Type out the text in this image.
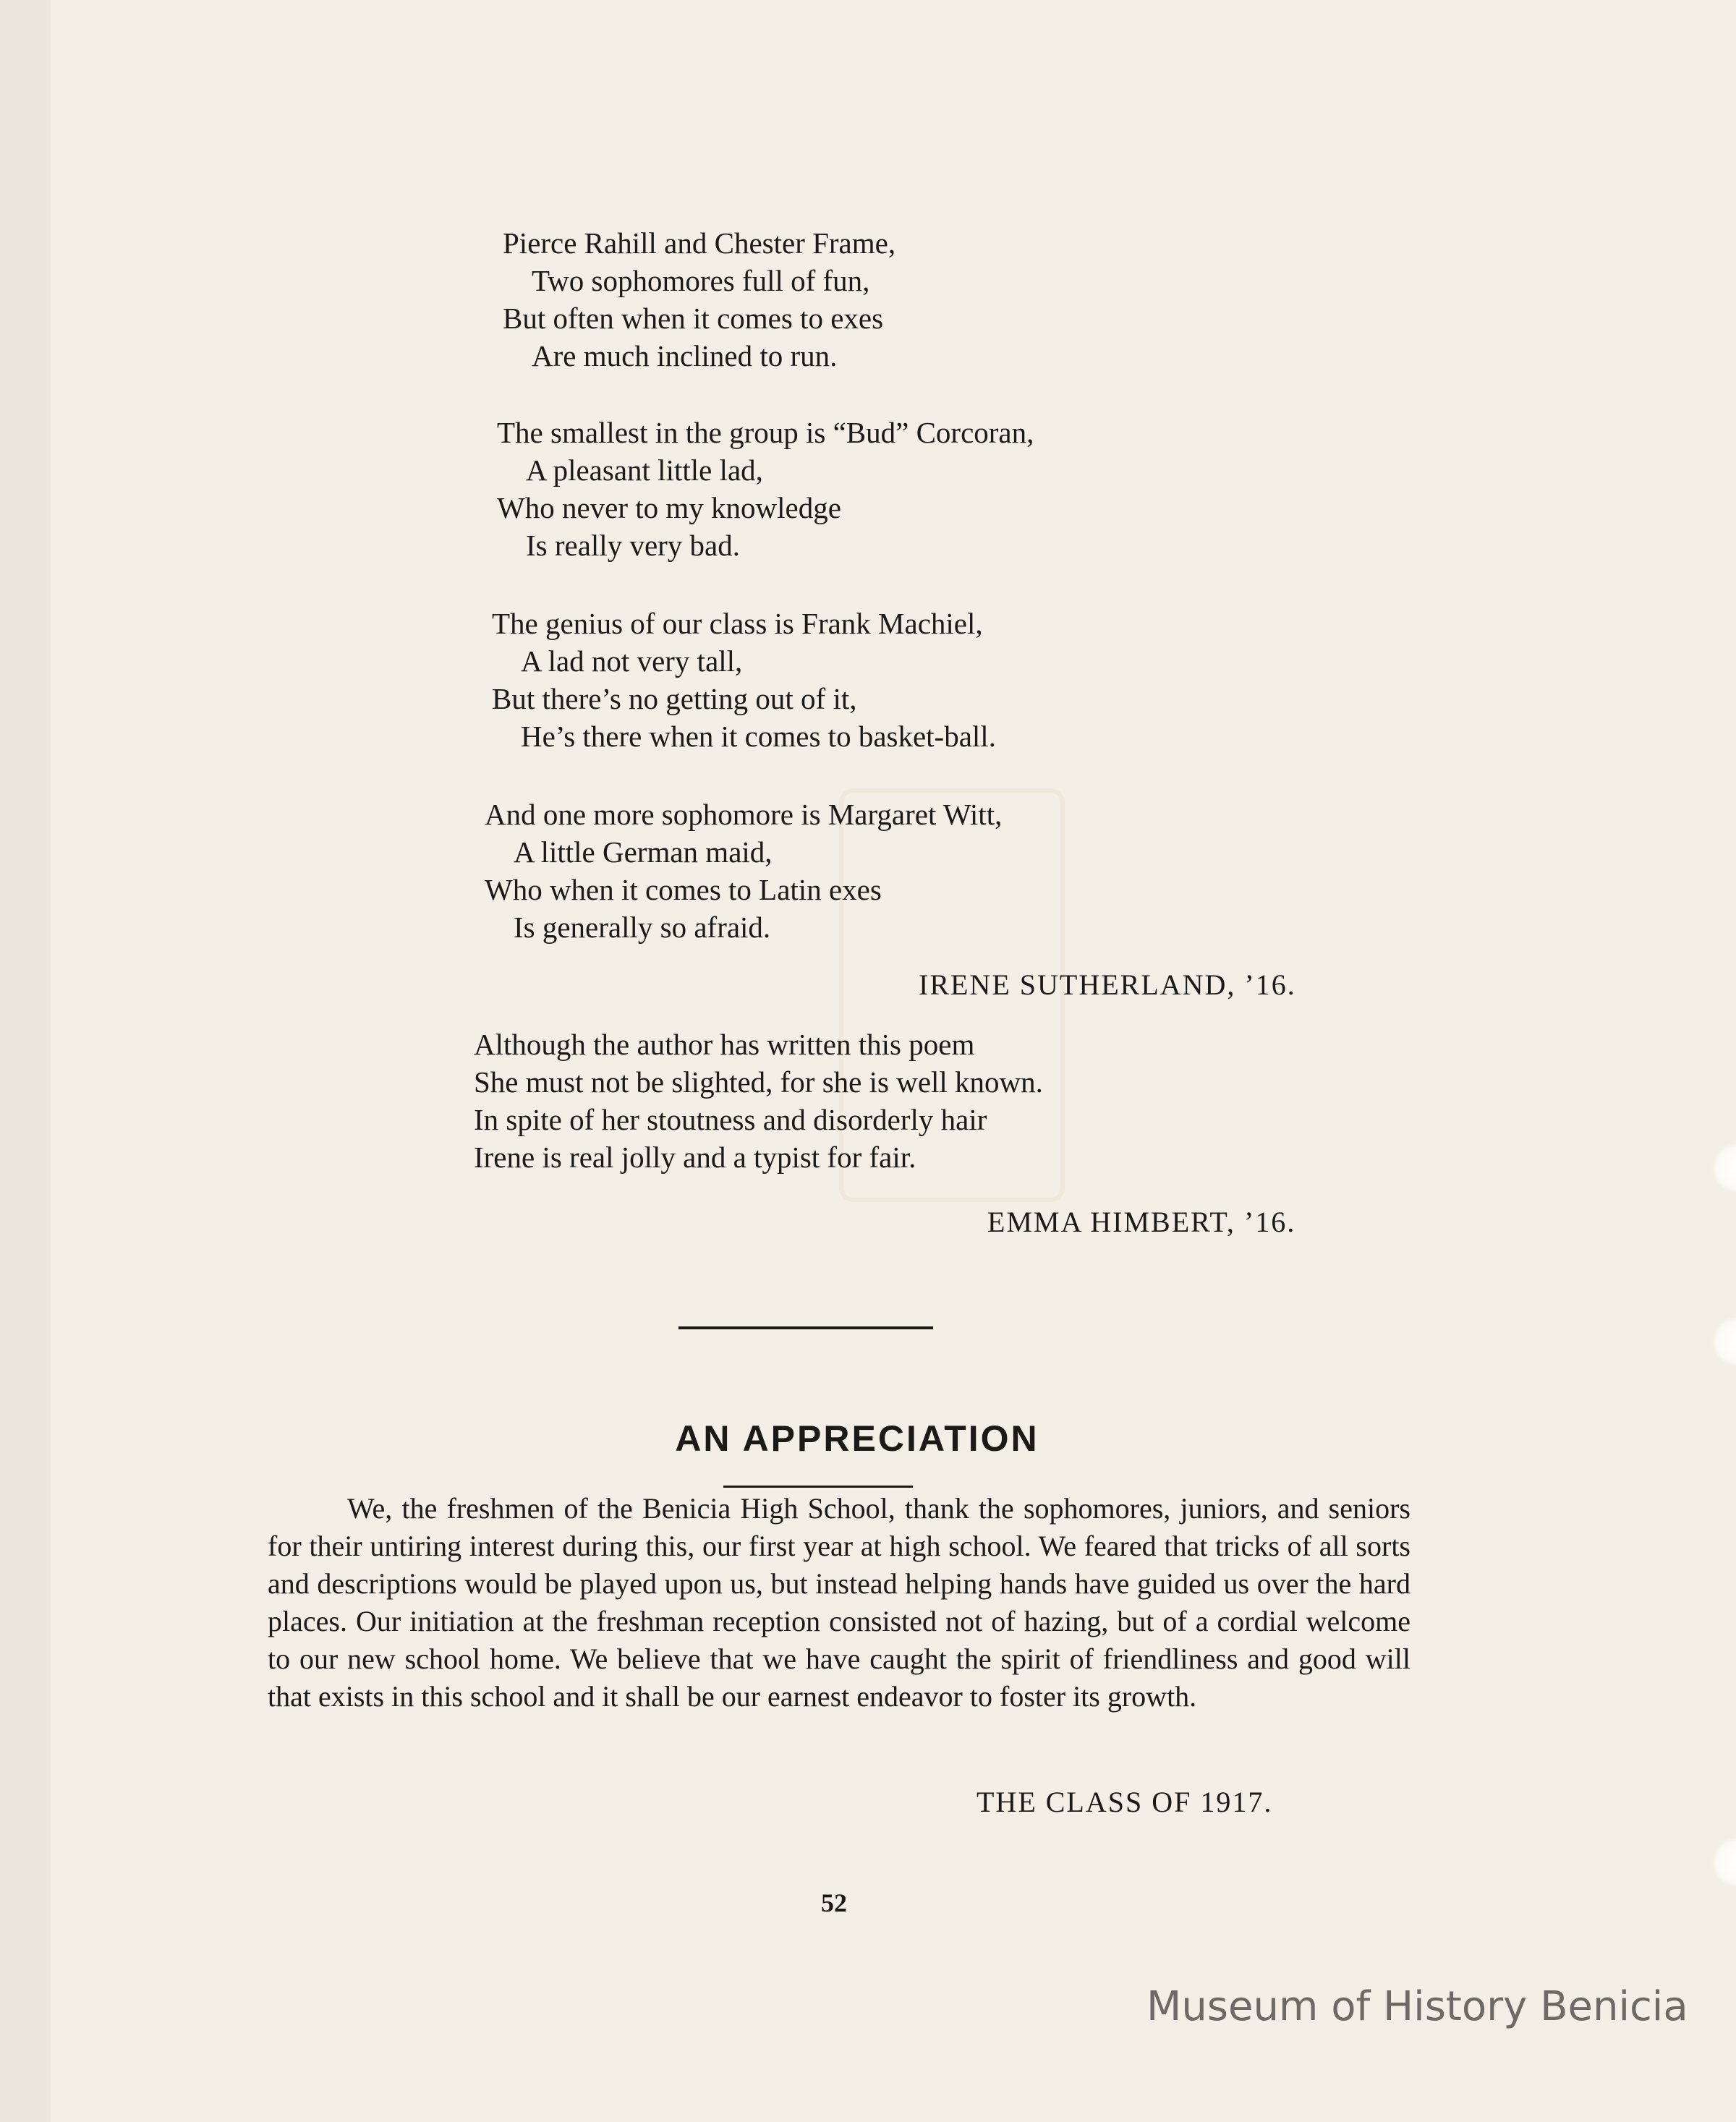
Pierce Rahill and Chester Frame,
Two sophomores full of fun,
But often when it comes to exes
Are much inclined to run.
The smallest in the group is “Bud” Corcoran,
A pleasant little lad,
Who never to my knowledge
Is really very bad.
The genius of our class is Frank Machiel,
A lad not very tall,
But there’s no getting out of it,
He’s there when it comes to basket-ball.
And one more sophomore is Margaret Witt,
A little German maid,
Who when it comes to Latin exes
Is generally so afraid.
IRENE SUTHERLAND, ’16.
Although the author has written this poem
She must not be slighted, for she is well known.
In spite of her stoutness and disorderly hair
Irene is real jolly and a typist for fair.
EMMA HIMBERT, ’16.
AN APPRECIATION

We, the freshmen of the Benicia High School, thank the sophomores, juniors, and seniors for their untiring interest during this, our first year at high school. We feared that tricks of all sorts and descriptions would be played upon us, but instead helping hands have guided us over the hard places. Our initiation at the freshman reception consisted not of hazing, but of a cordial welcome to our new school home. We believe that we have caught the spirit of friendliness and good will that exists in this school and it shall be our earnest endeavor to foster its growth.

THE CLASS OF 1917.
52
Museum of History Benicia
